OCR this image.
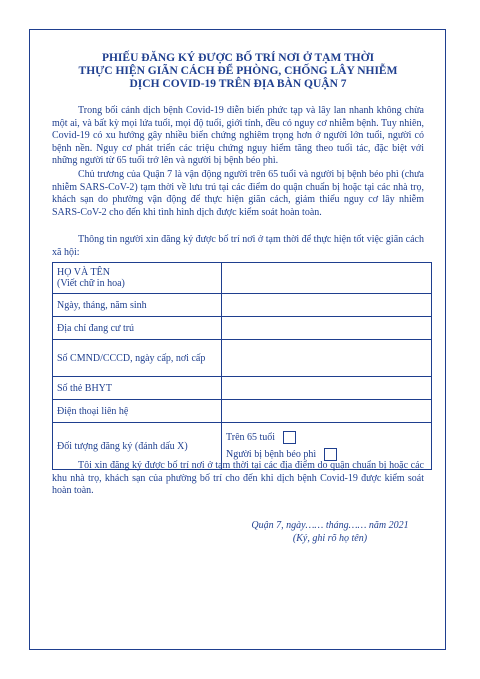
PHIẾU ĐĂNG KÝ ĐƯỢC BỐ TRÍ NƠI Ở TẠM THỜI
THỰC HIỆN GIÃN CÁCH ĐỂ PHÒNG, CHỐNG LÂY NHIỄM
DỊCH COVID-19 TRÊN ĐỊA BÀN QUẬN 7
Trong bối cảnh dịch bệnh Covid-19 diễn biến phức tạp và lây lan nhanh không chừa một ai, và bất kỳ mọi lứa tuổi, mọi độ tuổi, giới tính, đều có nguy cơ nhiễm bệnh. Tuy nhiên, Covid-19 có xu hướng gây nhiều biến chứng nghiêm trọng hơn ở người lớn tuổi, người có bệnh nền. Nguy cơ phát triển các triệu chứng nguy hiểm tăng theo tuổi tác, đặc biệt với những người từ 65 tuổi trở lên và người bị bệnh béo phì.
Chủ trương của Quận 7 là vận động người trên 65 tuổi và người bị bệnh béo phì (chưa nhiễm SARS-CoV-2) tạm thời về lưu trú tại các điểm do quận chuẩn bị hoặc tại các nhà trọ, khách sạn do phường vận động để thực hiện giãn cách, giảm thiểu nguy cơ lây nhiễm SARS-CoV-2 cho đến khi tình hình dịch được kiểm soát hoàn toàn.
Thông tin người xin đăng ký được bố trí nơi ở tạm thời để thực hiện tốt việc giãn cách xã hội:
HỌ VÀ TÊN
(Viết chữ in hoa)	

Ngày, tháng, năm sinh	
Địa chỉ đang cư trú	
Số CMND/CCCD, ngày cấp, nơi cấp	
Số thẻ BHYT	
Điện thoại liên hệ	
Đối tượng đăng ký (đánh dấu X)	Trên 65 tuổi
Người bị bệnh béo phì
Tôi xin đăng ký được bố trí nơi ở tạm thời tại các địa điểm do quận chuẩn bị hoặc các khu nhà trọ, khách sạn của phường bố trí cho đến khi dịch bệnh Covid-19 được kiểm soát hoàn toàn.
Quận 7, ngày…… tháng…… năm 2021
(Ký, ghi rõ họ tên)
